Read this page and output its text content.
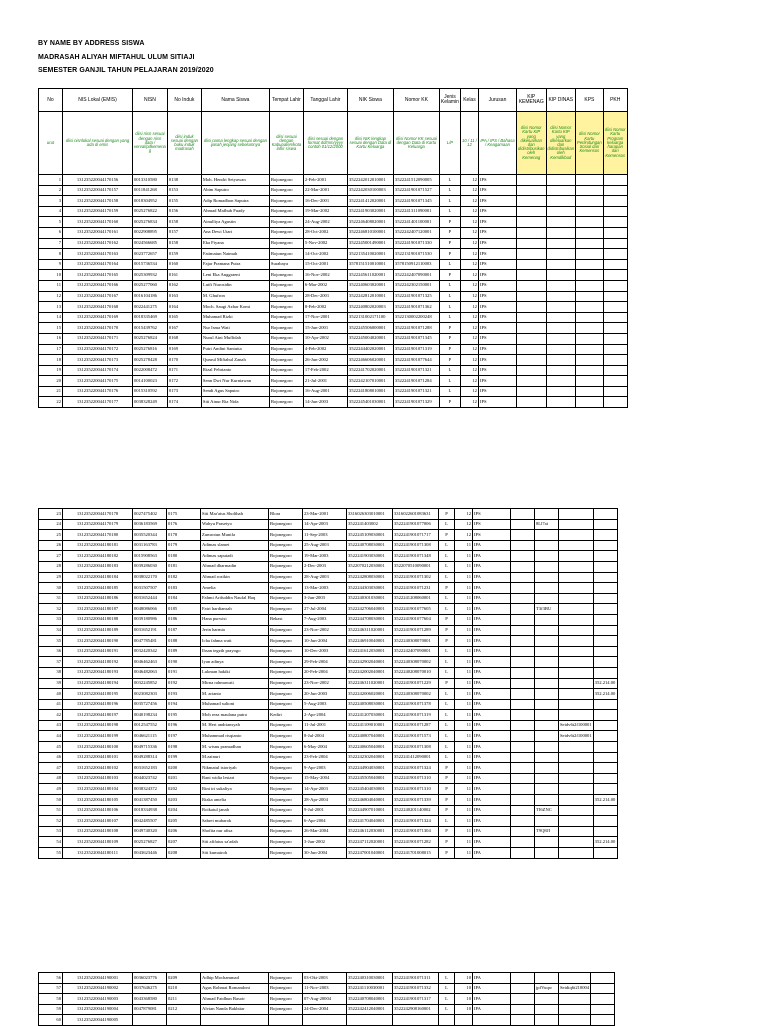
BY NAME BY ADDRESS SISWA
MADRASAH ALIYAH MIFTAHUL ULUM SITIAJI
SEMESTER GANJIL TAHUN PELAJARAN 2019/2020
No	NIS Lokal (EMIS)	NISN	No Induk	Nama Siswa	Tempat Lahir	Tanggal Lahir	NIK Siswa	Nomor KK	Jenis Kelamin	Kelas	Jurusan	KIP KEMENAG	KIP DINAS	KPS	PKH
urut	diisi nisnlokal sesuai dengan yang ada di emis	diisi nisn sesuai dengan nisn data / verval/pdkemena g	diisi induk sesuai dengan buku induk madrasah	diisi nama lengkap sesuai dengan ijasah jenjang sebelumnya	diisi sesuai dengan Kabupaten/kota lahir siswa	diisi sesuai dengan format dd/mm/yyyy contoh 01/12/2000	diisi NIK lengkap sesuai dengan Data di Kartu Keluarga	diisi Nomor KK sesuai dengan Data di Kartu Keluarga	L/P	10 / 11 / 12	IPA / IPS / Bahasa / Keagamaan	diisi Nomor Kartu KIP yang dikeluarkan dan didistribusikan oleh Kemenag	diisi Nomor Kartu KIP yang dikeluarkan dan didistribusikan oleh Kemdikbud	diisi Nomor Kartu Perlindungan Sosial dari Kemensos	diisi Nomor Kartu Program keluarga harapan dari Kemensos
1	131235220044170156	0013310580	0138	Moh. Hendri Setyawan	Bojonegoro	2-Feb-2001	3522242012010001	3522241512090005	L	12	IPS				
2	131235220044170157	0011841268	0153	Abim Saputro	Bojonegoro	22-Mar-2001	3522242030100003	3522241901071527	L	12	IPS				
3	131235220044170158	0018304952	0155	Adip Romadhon Saputra	Bojonegoro	16-Dec-2001	3522241412020001	3522241901071345	L	12	IPS				
4	131235220044170159	0025276822	0156	Ahmad Mafhub Fuady	Bojonegoro	19-Mar-2002	3522241903020001	3522241311090001	L	12	IPS				
5	131235220044170160	0025276834	0158	Ainulliya Agustin	Bojonegoro	24-Aug-2002	3522246408020001	3522241401100001	P	12	IPS				
6	131235220044170161	0022908895	0157	Ana Dewi Utari	Bojonegoro	28-Oct-2002	3522246810100001	3522242407120001	P	12	IPS				
7	131235220044170162	0024566685	0158	Eka Fiyana	Bojonegoro	5-Nov-2002	3522245001490001	3522241901071330	P	12	IPS				
8	131235220044170163	0023772657	0159	Fatimatun Naimah	Bojonegoro	14-Oct-2002	3522135410020001	3522131901071530	P	12	IPS				
9	131235220044170164	0015736534	0160	Fajar Pramana Putra	Surabaya	15-Oct-2001	3578151510010001	3578150912110003	L	12	IPS				
10	131235220044170165	0025309932	0161	Leni Eka Anggraeni	Bojonegoro	16-Nov-2002	3522245611020001	3522242407090001	P	12	IPS				
11	131235220044170166	0025277060	0162	Lutfi Nurosidin	Bojonegoro	6-Mar-2002	3522240603020001	3522242302150001	L	12	IPS				
12	131235220044170167	0016104186	0163	M. Ghufron	Bojonegoro	28-Dec-2001	3522242812010001	3522241901071325	L	12	IPS				
13	131235220044170168	0022441275	0164	Moch. Saugi Azhar Komi	Bojonegoro	8-Feb-2002	3522240802020003	3522241901071362	L	12	IPS				
14	131235220044170169	0018335469	0165	Muhamad Rizki	Bojonegoro	17-Nov-2001	3522131002171100	3522130002200248	L	12	IPS				
15	131235220044170170	0015439762	0167	Nur Isma Wati	Bojonegoro	15-Jun-2001	3522245506000001	3522241901071288	P	12	IPS				
16	131235220044170171	0025276824	0168	Nurul Aini Muflidah	Bojonegoro	10-Apr-2002	3522245004020001	3522241901071345	P	12	IPS				
17	131235220044170172	0025276816	0169	Putri Andini Santutta	Bojonegoro	4-Feb-2002	3522244402020001	3522241901071319	P	12	IPS				
18	131235220044170173	0025278428	0170	Qunrul Miftahul Zanah	Bojonegoro	26-Jun-2002	3522246606020001	3522241901077644	P	12	IPS				
19	131235220044170174	0022008472	0171	Rizal Febrianto	Bojonegoro	17-Feb-2002	3522241702020001	3522241901071321	L	12	IPS				
20	131235220044170175	0014100023	0172	Senn Dwi Nur Kurniawan	Bojonegoro	21-Jul-2001	3522242107010001	3522241901071284	L	12	IPS				
21	131235220044170176	0015310592	0173	Sendi Agus Saputro	Bojonegoro	16-Aug-2001	3522241808010001	3522241901071321	L	12	IPS				
22	131235220044170177	0038328249	0174	Siti Ainur Ria Nida	Bojonegoro	14-Jun-2003	3522245401030001	3522241901071329	P	12	IPS				
23	131235220044170178	0027475402	0175	Siti Mar'atus Sholihah	Blora	23-Mar-2001	3316026303010001	3316022601083631	P	12	IPS				
24	131235220044170179	0036183569	0176	Wahyu Prasetyo	Bojonegoro	14-Apr-2003	3522241403002	3522241901077006	L	12	IPS		8Ll7ai		
25	131235220044170180	0035520344	0178	Zumrotun Munifa	Bojonegoro	11-Sep-2003	3522245109030001	3522241901071717	P	12	IPS				
26	131235220044180181	0031163783	0179	Adimas slamet	Bojonegoro	25-Aug-2003	3522240708030001	3522241901071308	L	11	IPA				
27	131235220044180182	0015908563	0180	Adimas saputadi	Bojonegoro	19-Mar-2003	3522241903030001	3522241901071348	L	11	IPA				
28	131235220044180183	0039286030	0181	Ahmad dharmadin	Bojonegoro	2-Dec-2003	3522070212030001	3522070510090001	L	11	IPA				
29	131235220044180184	0038022170	0182	Ahmad rozikin	Bojonegoro	28-Aug-2003	3522242808030001	3522241901071302	L	11	IPA				
30	131235220044180185	0031507507	0183	Amelia	Bojonegoro	13-Mar-2003	3522244303030001	3522241901071231	P	11	IPA				
31	131235220044180186	0031652444	0184	Fahmi Arifuddin Naufal Haq	Bojonegoro	3-Jun-2003	3522240301030001	3522241208060001	L	11	IPA				
32	131235220044180187	0048086066	0185	Fatri hardiansah	Bojonegoro	27-Jul-2004	3522242706040001	3522241901077605	L	11	IPA		T3f3BU		
33	131235220044180188	0039180986	0186	Hana purwisi	Bekasi	7-Aug-2003	3522244708030001	3522241901077604	P	11	IPA				
34	131235220044180189	0031652191	0187	Jerin harmia	Bojonegoro	23-Nov-2002	3522246311020001	3522241901071289	P	11	IPA				
35	131235220044180190	0047785481	0188	Icha fahma wati	Bojonegoro	10-Jun-2004	3522246910040001	3522240308070001	P	11	IPA				
36	131235220044180191	0032420342	0189	Ihsan tegzih prayogo	Bojonegoro	10-Dec-2003	3522241612030001	3522242407090001	L	11	IPA				
37	131235220044180192	0046462463	0190	Iyan adinya	Bojonegoro	29-Feb-2004	3522242902040001	3522240308070002	L	11	IPA				
38	131235220044180193	0046482063	0191	Lukman hakiki	Bojonegoro	20-Feb-2004	3522242002040001	3522240208070010	L	11	IPA				
39	131235220044180194	0032245852	0192	Mirna rahmawati	Bojonegoro	23-Nov-2002	3522246311020001	3522241901071229	P	11	IPA				352.214.00
40	131235220044180195	0023082303	0193	M. arianto	Bojonegoro	20-Jun-2003	3522242006020001	3522240308070002	L	11	IPA				352.214.00
41	131235220044180196	0035727456	0194	Muhamad sultoni	Bojonegoro	5-Aug-2003	3522240508030001	3522241901071378	L	11	IPA				
42	131235220044180197	0040198234	0195	Moh reza maulana putra	Kediri	2-Apr-2004	3522241207030001	3522241901071319	L	11	IPA				
43	131235220044180198	0012547552	0196	M. Heri andriansyah	Bojonegoro	11-Jul-2001	3522241109010001	3522241901071287	L	11	IPA			Seidv6t2f100001	
44	131235220044180199	0046621115	0197	Muhammad risqianto	Bojonegoro	8-Jul-2004	3522240807040001	3522241901071573	L	11	IPA			Seidv6t2f100001	
45	131235220044180100	0049715336	0198	M. wisnu pramadhan	Bojonegoro	6-May-2004	3522240605040001	3522241901071308	L	11	IPA				
46	131235220044180101	0049288314	0199	M.zainuri	Bojonegoro	23-Feb-2004	3522242302040001	3522241412090001	L	11	IPA				
47	131235220044180102	0031652183	0200	Nikmatul istoriyah	Bojonegoro	9-Apr-2003	3522244904030001	3522241901071324	P	11	IPA				
48	131235220044180103	0044023742	0201	Rani widia lestari	Bojonegoro	15-May-2004	3522245505040001	3522241901071310	P	11	IPA				
49	131235220044180104	0038324372	0202	Rini tri sukaliya	Bojonegoro	14-Apr-2003	3522245404030001	3522241901071310	P	11	IPA				
50	131235220044180105	0041387450	0203	Rizka amelia	Bojonegoro	28-Apr-2004	3522246804040001	3522241901071339	P	11	IPA				352.214.00
51	131235220044180106	0018334938	0204	Roikatul janah	Bojonegoro	9-Jul-2001	3522244907010001	3522240201140002	P	11	IPA		TI6ZNC		
52	131235220044180107	0042485507	0205	Sabrei mubarok	Bojonegoro	6-Apr-2004	3522241704040001	3522241901071324	L	11	IPA				
53	131235220044180108	0049740320	0206	Shofita nur afisa	Bojonegoro	26-Mar-2004	3522246112030001	3522241901071304	P	11	IPA		T9Q8JI		
54	131235220044180109	0025276827	0207	Siti afifatus sa'adah	Bojonegoro	3-Jun-2002	3522247112020001	3522241901071282	P	11	IPA				352.214.00
55	131235220044180111	0043623446	0208	Siti kumairoh	Bojonegoro	30-Jun-2004	3522247001040001	3522241701008015	P	11	IPA				
56	131235220044190001	0036023776	0209	Adhip Mochammad	Bojonegoro	03-Okt-2003	3522240310030001	3522241901071311	L	10	IPA				
57	131235220044190002	0037646275	0210	Agus Rohmat Romandoni	Bojonegoro	11-Nov-2003	3522241110030001	3522241901071332	L	10	IPA		jpfVuqw	Seidiq6t210004	
58	131235220044190003	0043368580	0211	Ahmad Faidhun Basoir	Bojonegoro	07-Aug-20004	3522240708040001	3522241901071317	L	10	IPA				
59	131235220044190004	0047879081	0212	Alvian Nanda Bakhtiar	Bojonegoro	24-Dec-2004	3522242412040001	3522242908160001	L	10	IPA				
60	131235220044190005														
